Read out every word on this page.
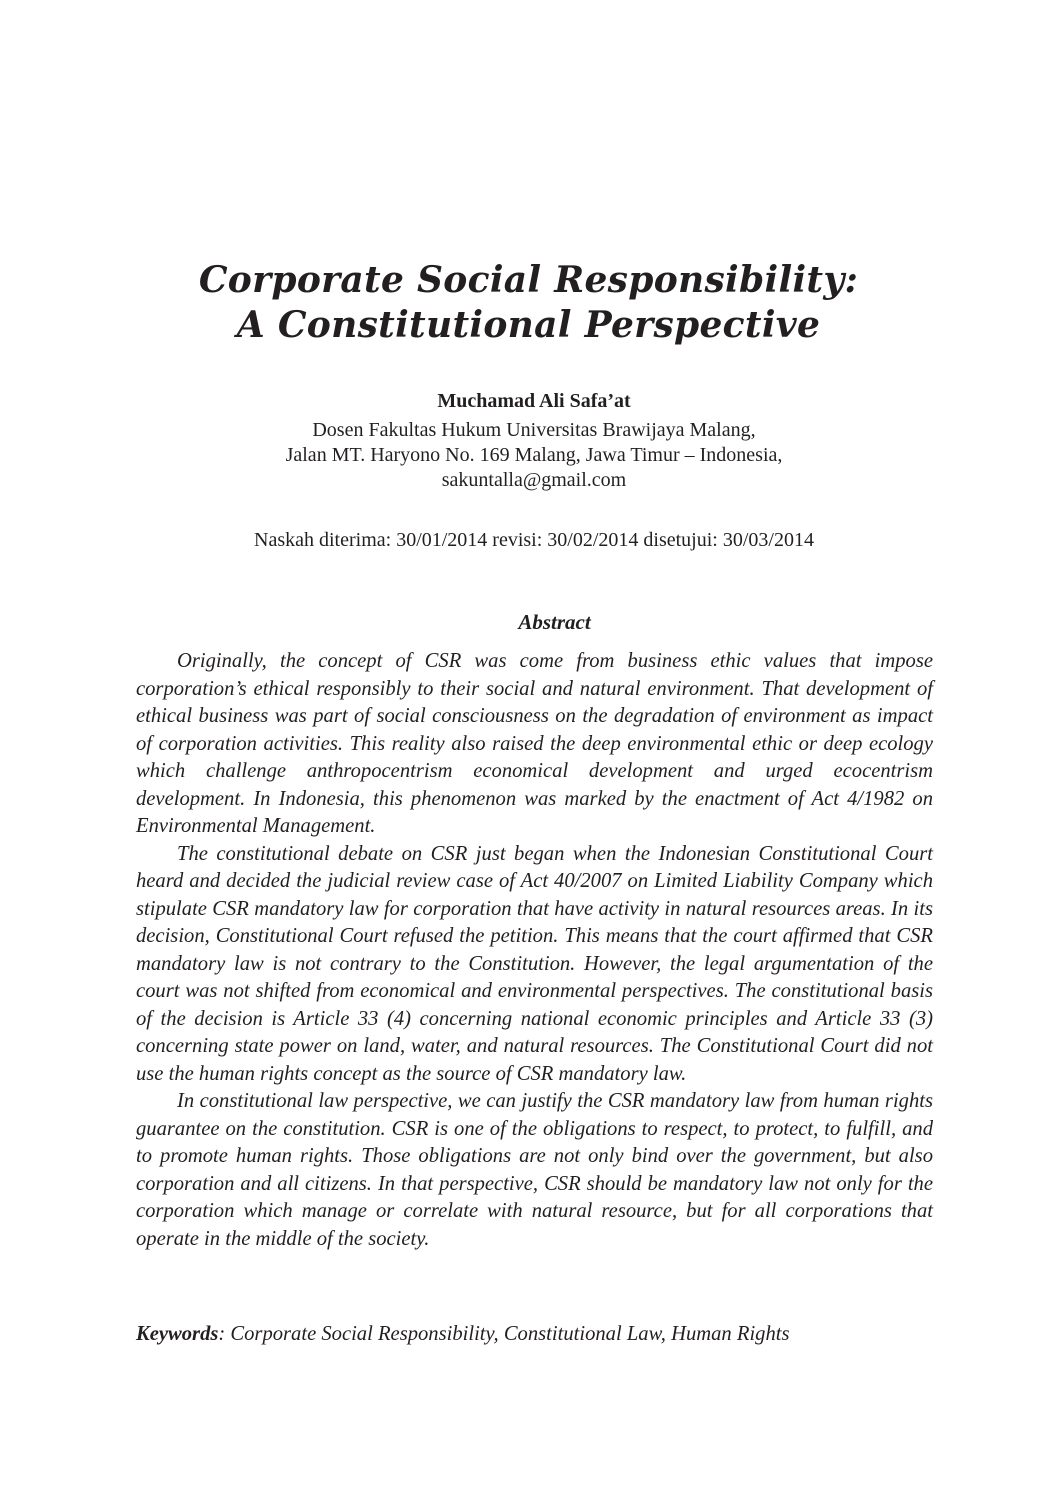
Corporate Social Responsibility:
A Constitutional Perspective

Muchamad Ali Safa’at

Dosen Fakultas Hukum Universitas Brawijaya Malang,

Jalan MT. Haryono No. 169 Malang, Jawa Timur – Indonesia,

sakuntalla@gmail.com

Naskah diterima: 30/01/2014 revisi: 30/02/2014 disetujui: 30/03/2014

Abstract

Originally, the concept of CSR was come from business ethic values that impose corporation’s ethical responsibly to their social and natural environment. That development of ethical business was part of social consciousness on the degradation of environment as impact of corporation activities. This reality also raised the deep environmental ethic or deep ecology which challenge anthropocentrism economical development and urged ecocentrism development. In Indonesia, this phenomenon was marked by the enactment of Act 4/1982 on Environmental Management.

The constitutional debate on CSR just began when the Indonesian Constitutional Court heard and decided the judicial review case of Act 40/2007 on Limited Liability Company which stipulate CSR mandatory law for corporation that have activity in natural resources areas. In its decision, Constitutional Court refused the petition. This means that the court affirmed that CSR mandatory law is not contrary to the Constitution. However, the legal argumentation of the court was not shifted from economical and environmental perspectives. The constitutional basis of the decision is Article 33 (4) concerning national economic principles and Article 33 (3) concerning state power on land, water, and natural resources. The Constitutional Court did not use the human rights concept as the source of CSR mandatory law.

In constitutional law perspective, we can justify the CSR mandatory law from human rights guarantee on the constitution. CSR is one of the obligations to respect, to protect, to fulfill, and to promote human rights. Those obligations are not only bind over the government, but also corporation and all citizens. In that perspective, CSR should be mandatory law not only for the corporation which manage or correlate with natural resource, but for all corporations that operate in the middle of the society.

Keywords: Corporate Social Responsibility, Constitutional Law, Human Rights
